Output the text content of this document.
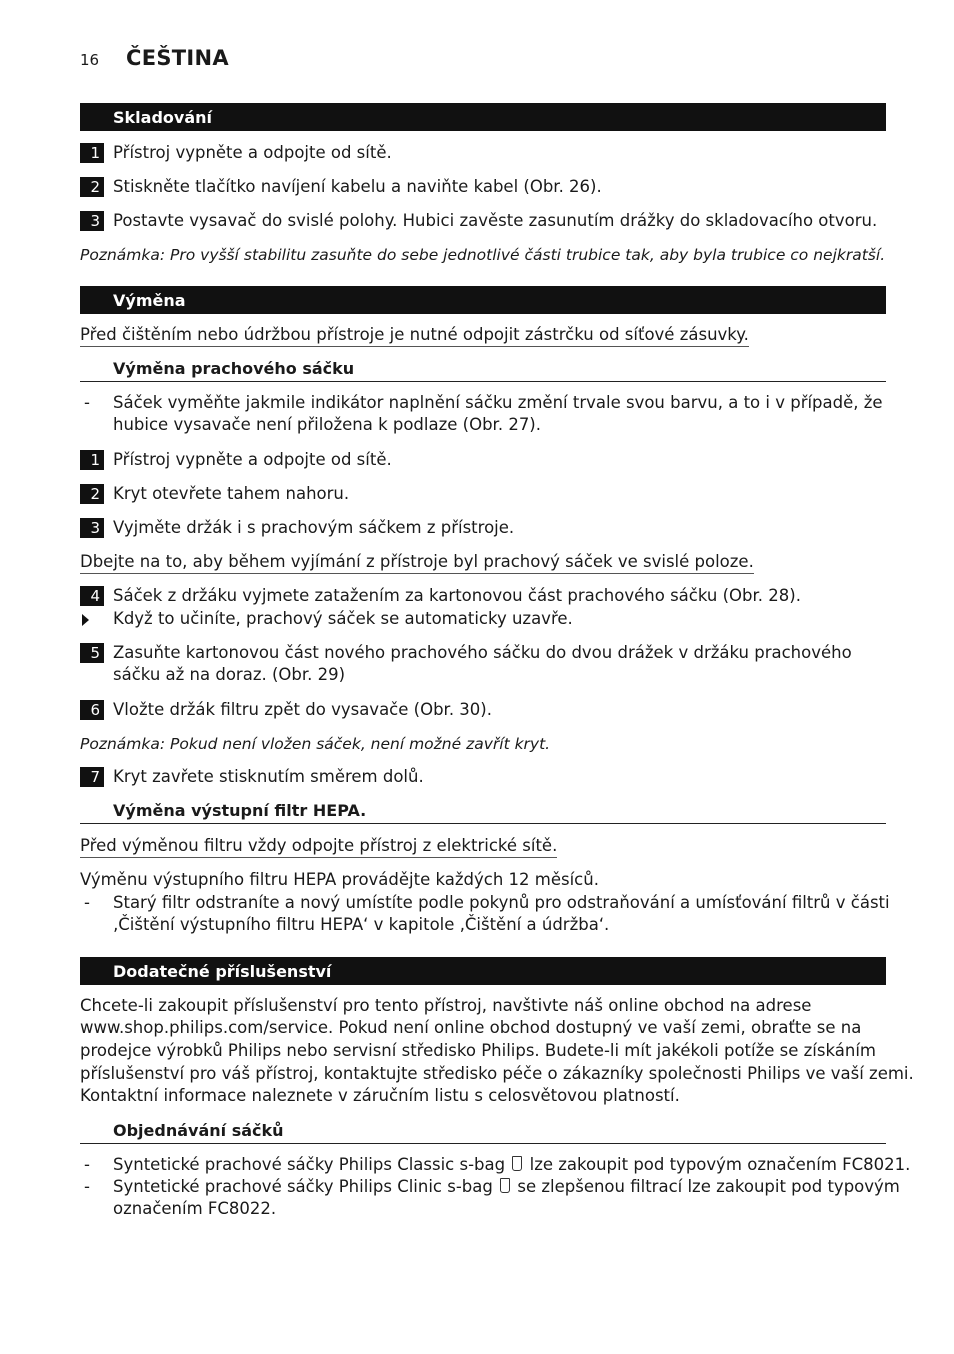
16 ČEŠTINA
Skladování
1 Přístroj vypněte a odpojte od sítě.
2 Stiskněte tlačítko navíjení kabelu a naviňte kabel (Obr. 26).
3 Postavte vysavač do svislé polohy. Hubici zavěste zasunutím drážky do skladovacího otvoru.
Poznámka: Pro vyšší stabilitu zasuňte do sebe jednotlivé části trubice tak, aby byla trubice co nejkratší.
Výměna
Před čištěním nebo údržbou přístroje je nutné odpojit zástrčku od síťové zásuvky.
Výměna prachového sáčku
- Sáček vyměňte jakmile indikátor naplnění sáčku změní trvale svou barvu, a to i v případě, že
hubice vysavače není přiložena k podlaze (Obr. 27).
1 Přístroj vypněte a odpojte od sítě.
2 Kryt otevřete tahem nahoru.
3 Vyjměte držák i s prachovým sáčkem z přístroje.
Dbejte na to, aby během vyjímání z přístroje byl prachový sáček ve svislé poloze.
4 Sáček z držáku vyjmete zatažením za kartonovou část prachového sáčku (Obr. 28).
Když to učiníte, prachový sáček se automaticky uzavře.
5 Zasuňte kartonovou část nového prachového sáčku do dvou drážek v držáku prachového
sáčku až na doraz. (Obr. 29)
6 Vložte držák filtru zpět do vysavače (Obr. 30).
Poznámka: Pokud není vložen sáček, není možné zavřít kryt.
7 Kryt zavřete stisknutím směrem dolů.
Výměna výstupní filtr HEPA.
Před výměnou filtru vždy odpojte přístroj z elektrické sítě.
Výměnu výstupního filtru HEPA provádějte každých 12 měsíců.
- Starý filtr odstraníte a nový umístíte podle pokynů pro odstraňování a umísťování filtrů v části
‚Čištění výstupního filtru HEPA‘ v kapitole ‚Čištění a údržba‘.
Dodatečné příslušenství
Chcete-li zakoupit příslušenství pro tento přístroj, navštivte náš online obchod na adrese
www.shop.philips.com/service. Pokud není online obchod dostupný ve vaší zemi, obraťte se na
prodejce výrobků Philips nebo servisní středisko Philips. Budete-li mít jakékoli potíže se získáním
příslušenství pro váš přístroj, kontaktujte středisko péče o zákazníky společnosti Philips ve vaší zemi.
Kontaktní informace naleznete v záručním listu s celosvětovou platností.
Objednávání sáčků
- Syntetické prachové sáčky Philips Classic s-bag lze zakoupit pod typovým označením FC8021.
- Syntetické prachové sáčky Philips Clinic s-bag se zlepšenou filtrací lze zakoupit pod typovým
označením FC8022.
